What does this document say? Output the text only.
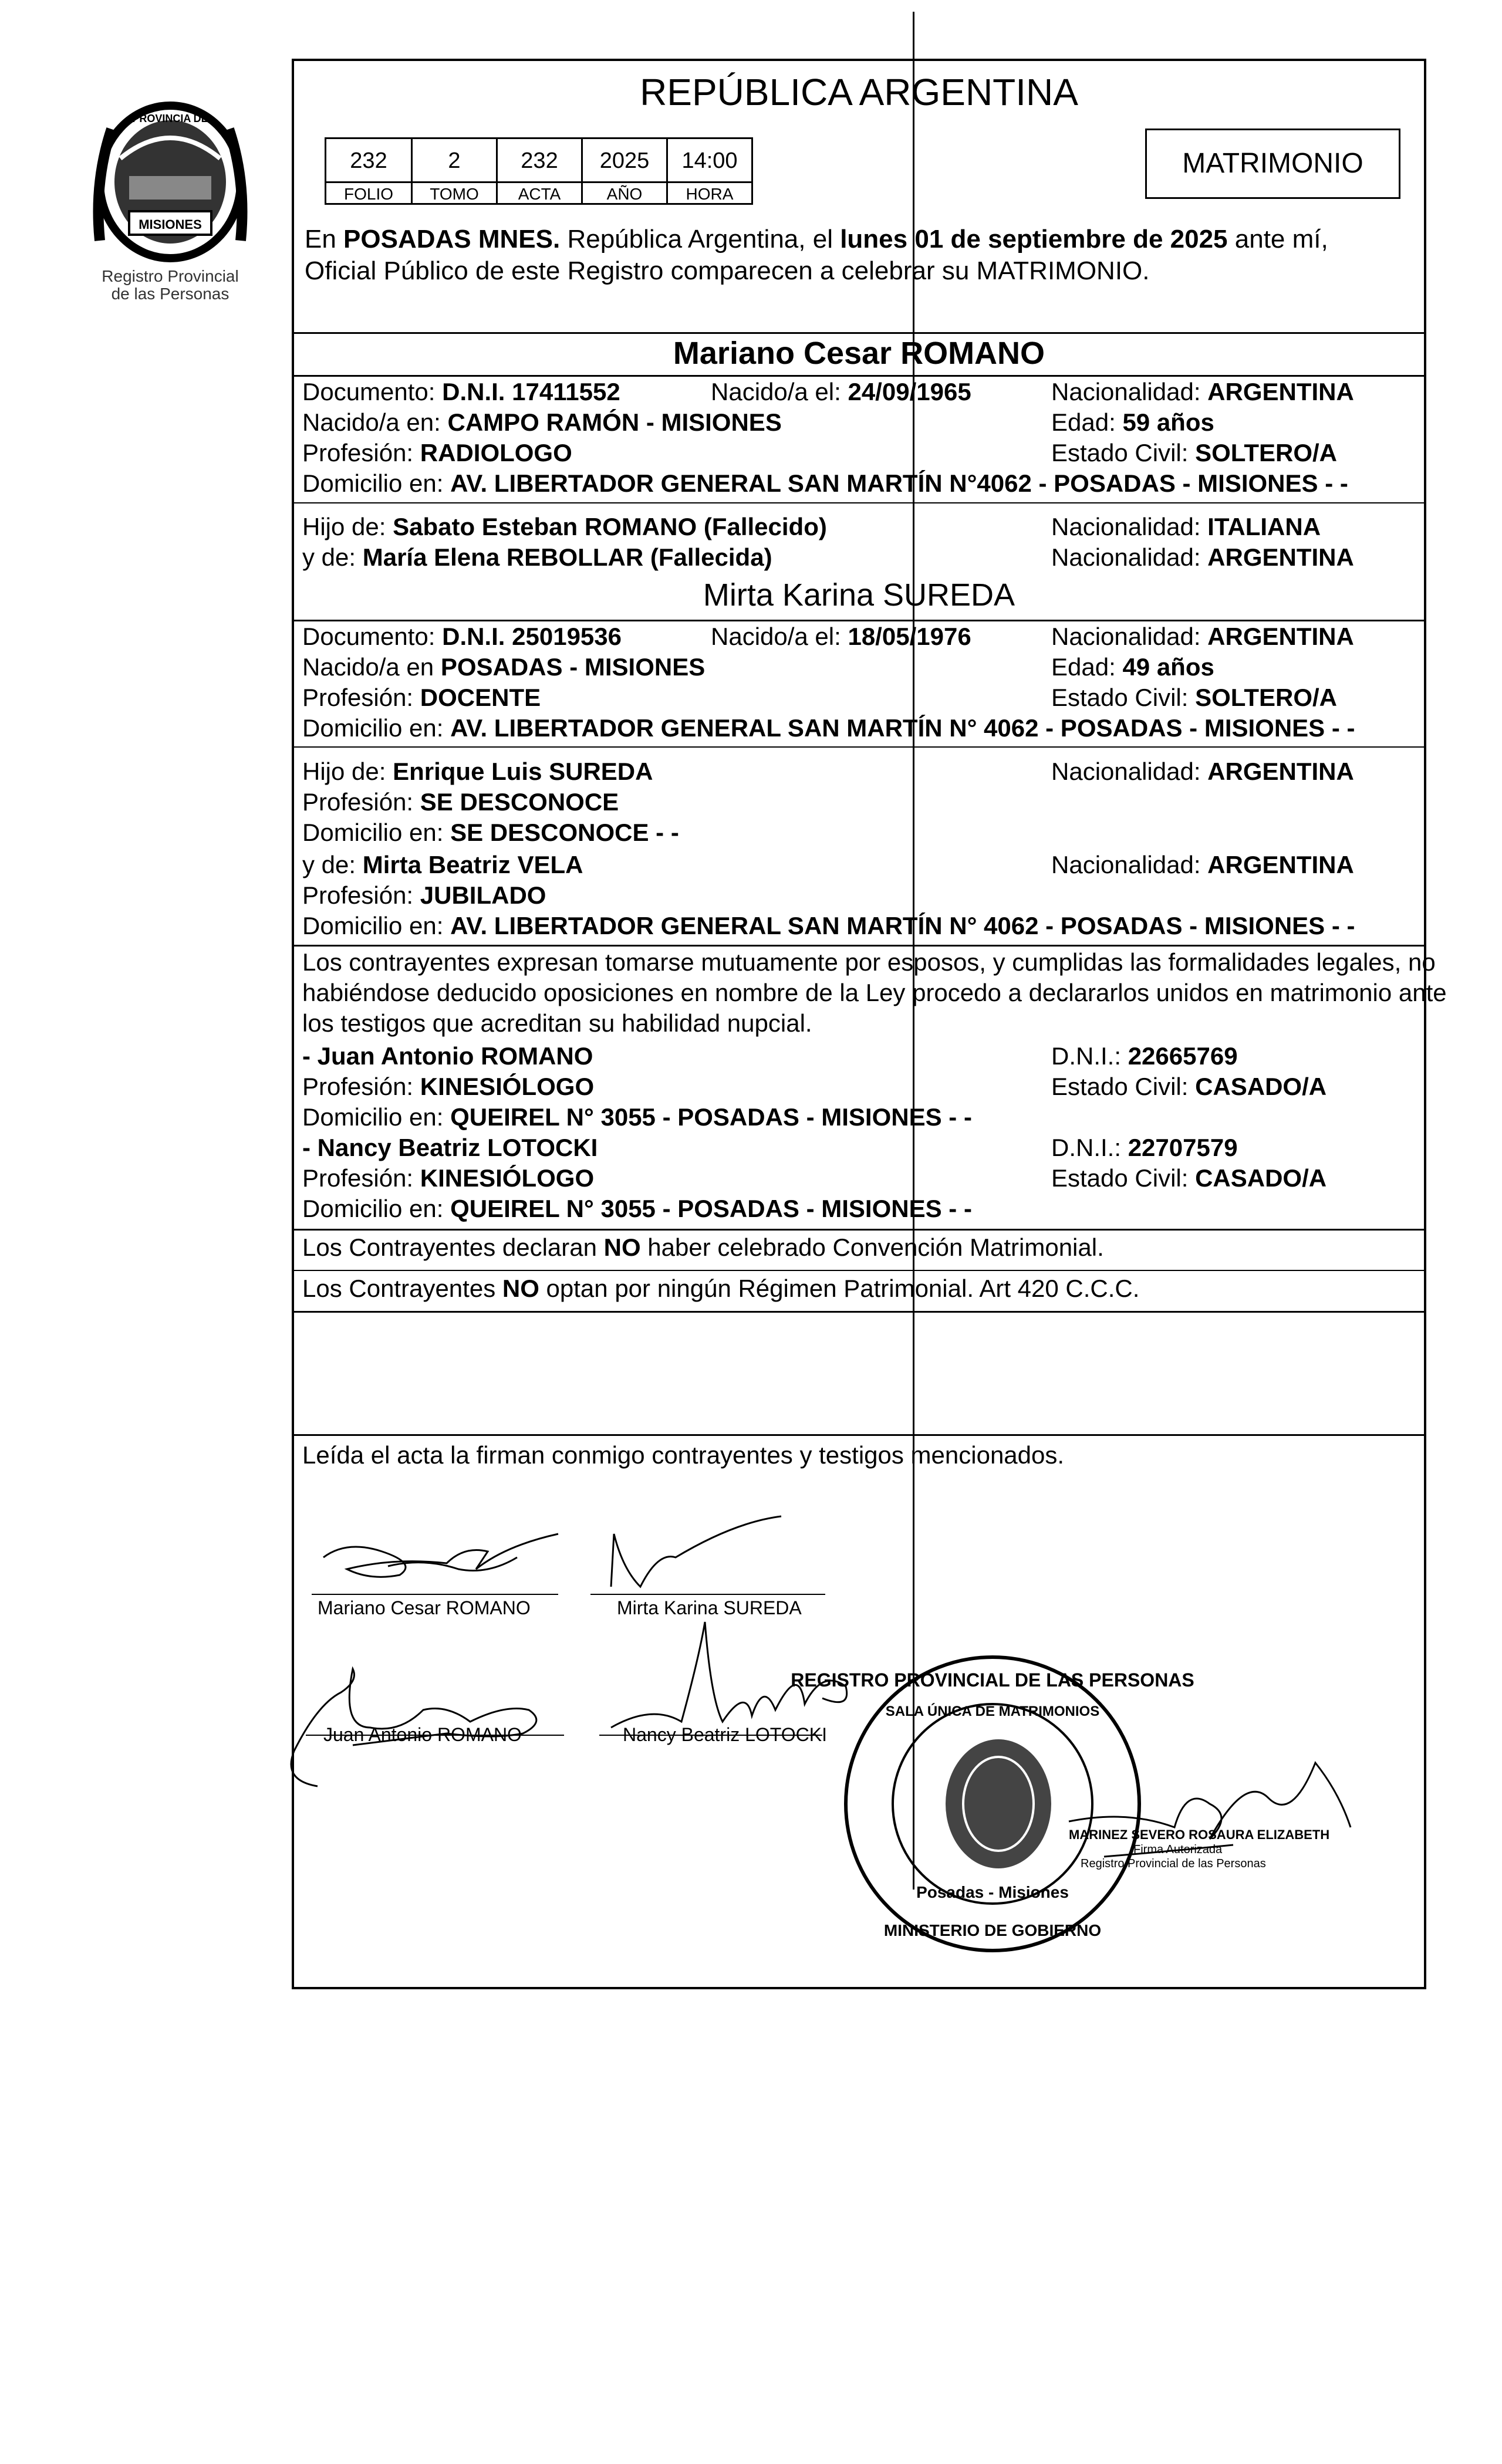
MISIONES
PROVINCIA DE
Registro Provincial
de las Personas
REPÚBLICA ARGENTINA
232	2	232	2025	14:00
FOLIO	TOMO	ACTA	AÑO	HORA
MATRIMONIO
En POSADAS MNES. República Argentina, el lunes 01 de septiembre de 2025 ante mí,
Oficial Público de este Registro comparecen a celebrar su MATRIMONIO.
Mariano Cesar ROMANO
Documento: D.N.I. 17411552	Nacido/a el: 24/09/1965	Nacionalidad: ARGENTINA
Nacido/a en: CAMPO RAMÓN - MISIONES	Edad: 59 años
Profesión: RADIOLOGO	Estado Civil: SOLTERO/A
Domicilio en: AV. LIBERTADOR GENERAL SAN MARTÍN N°4062 - POSADAS - MISIONES - -
Hijo de: Sabato Esteban ROMANO (Fallecido)	Nacionalidad: ITALIANA
y de: María Elena REBOLLAR (Fallecida)	Nacionalidad: ARGENTINA
Mirta Karina SUREDA
Documento: D.N.I. 25019536	Nacido/a el: 18/05/1976	Nacionalidad: ARGENTINA
Nacido/a en POSADAS - MISIONES	Edad: 49 años
Profesión: DOCENTE	Estado Civil: SOLTERO/A
Domicilio en: AV. LIBERTADOR GENERAL SAN MARTÍN N° 4062 - POSADAS - MISIONES - -
Hijo de: Enrique Luis SUREDA	Nacionalidad: ARGENTINA
Profesión: SE DESCONOCE
Domicilio en: SE DESCONOCE - -
y de: Mirta Beatriz VELA	Nacionalidad: ARGENTINA
Profesión: JUBILADO
Domicilio en: AV. LIBERTADOR GENERAL SAN MARTÍN N° 4062 - POSADAS - MISIONES - -
Los contrayentes expresan tomarse mutuamente por esposos, y cumplidas las formalidades legales, no
habiéndose deducido oposiciones en nombre de la Ley procedo a declararlos unidos en matrimonio ante
los testigos que acreditan su habilidad nupcial.
- Juan Antonio ROMANO	D.N.I.: 22665769
Profesión: KINESIÓLOGO	Estado Civil: CASADO/A
Domicilio en: QUEIREL N° 3055 - POSADAS - MISIONES - -
- Nancy Beatriz LOTOCKI	D.N.I.: 22707579
Profesión: KINESIÓLOGO	Estado Civil: CASADO/A
Domicilio en: QUEIREL N° 3055 - POSADAS - MISIONES - -
Los Contrayentes declaran NO haber celebrado Convención Matrimonial.
Los Contrayentes NO optan por ningún Régimen Patrimonial. Art 420 C.C.C.
Leída el acta la firman conmigo contrayentes y testigos mencionados.
Mariano Cesar ROMANO	Mirta Karina SUREDA
Juan Antonio ROMANO	Nancy Beatriz LOTOCKI
REGISTRO PROVINCIAL DE LAS PERSONAS
SALA ÚNICA DE MATRIMONIOS
Posadas - Misiones
MINISTERIO DE GOBIERNO
MARINEZ SEVERO ROSAURA ELIZABETH
Firma Autorizada
Registro Provincial de las Personas
